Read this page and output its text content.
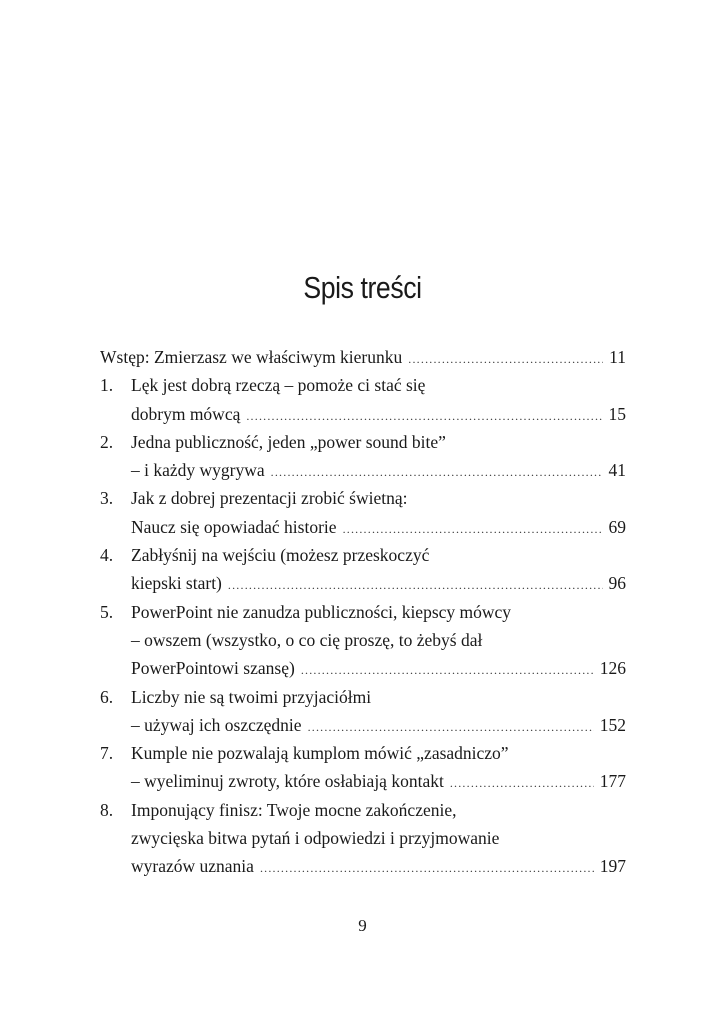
Spis treści
Wstęp: Zmierzasz we właściwym kierunku .....	11
1.	Lęk jest dobrą rzeczą – pomoże ci stać się
dobrym mówcą .....	15
2.	Jedna publiczność, jeden „power sound bite”
– i każdy wygrywa .....	41
3.	Jak z dobrej prezentacji zrobić świetną:
Naucz się opowiadać historie .....	69
4.	Zabłyśnij na wejściu (możesz przeskoczyć
kiepski start) .....	96
5.	PowerPoint nie zanudza publiczności, kiepscy mówcy
– owszem (wszystko, o co cię proszę, to żebyś dał
PowerPointowi szansę) .....	126
6.	Liczby nie są twoimi przyjaciółmi
– używaj ich oszczędnie .....	152
7.	Kumple nie pozwalają kumplom mówić „zasadniczo”
– wyeliminuj zwroty, które osłabiają kontakt .....	177
8.	Imponujący finisz: Twoje mocne zakończenie,
zwycięska bitwa pytań i odpowiedzi i przyjmowanie
wyrazów uznania .....	197
9
